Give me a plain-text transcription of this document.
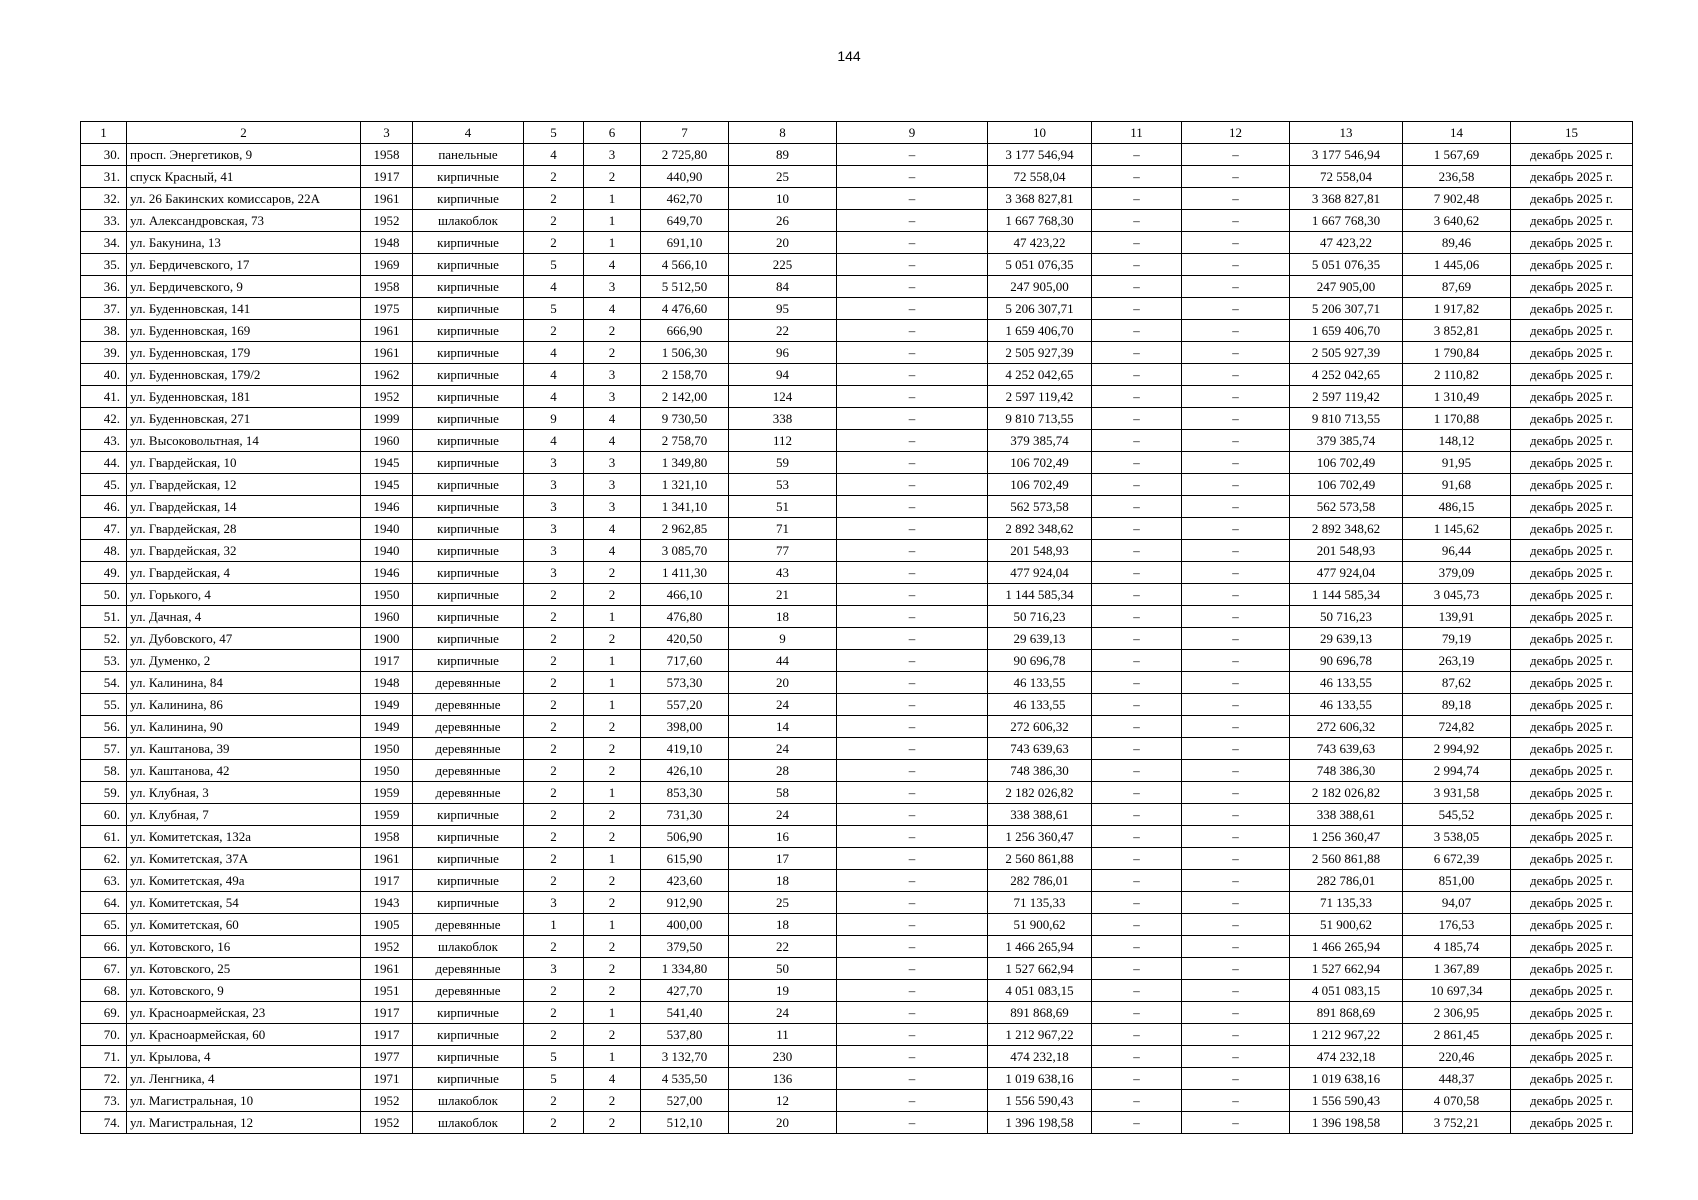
144
1	2	3	4	5	6	7	8	9	10	11	12	13	14	15
30.	просп. Энергетиков, 9	1958	панельные	4	3	2 725,80	89	–	3 177 546,94	–	–	3 177 546,94	1 567,69	декабрь 2025 г.
31.	спуск Красный, 41	1917	кирпичные	2	2	440,90	25	–	72 558,04	–	–	72 558,04	236,58	декабрь 2025 г.
32.	ул. 26 Бакинских комиссаров, 22А	1961	кирпичные	2	1	462,70	10	–	3 368 827,81	–	–	3 368 827,81	7 902,48	декабрь 2025 г.
33.	ул. Александровская, 73	1952	шлакоблок	2	1	649,70	26	–	1 667 768,30	–	–	1 667 768,30	3 640,62	декабрь 2025 г.
34.	ул. Бакунина, 13	1948	кирпичные	2	1	691,10	20	–	47 423,22	–	–	47 423,22	89,46	декабрь 2025 г.
35.	ул. Бердичевского, 17	1969	кирпичные	5	4	4 566,10	225	–	5 051 076,35	–	–	5 051 076,35	1 445,06	декабрь 2025 г.
36.	ул. Бердичевского, 9	1958	кирпичные	4	3	5 512,50	84	–	247 905,00	–	–	247 905,00	87,69	декабрь 2025 г.
37.	ул. Буденновская, 141	1975	кирпичные	5	4	4 476,60	95	–	5 206 307,71	–	–	5 206 307,71	1 917,82	декабрь 2025 г.
38.	ул. Буденновская, 169	1961	кирпичные	2	2	666,90	22	–	1 659 406,70	–	–	1 659 406,70	3 852,81	декабрь 2025 г.
39.	ул. Буденновская, 179	1961	кирпичные	4	2	1 506,30	96	–	2 505 927,39	–	–	2 505 927,39	1 790,84	декабрь 2025 г.
40.	ул. Буденновская, 179/2	1962	кирпичные	4	3	2 158,70	94	–	4 252 042,65	–	–	4 252 042,65	2 110,82	декабрь 2025 г.
41.	ул. Буденновская, 181	1952	кирпичные	4	3	2 142,00	124	–	2 597 119,42	–	–	2 597 119,42	1 310,49	декабрь 2025 г.
42.	ул. Буденновская, 271	1999	кирпичные	9	4	9 730,50	338	–	9 810 713,55	–	–	9 810 713,55	1 170,88	декабрь 2025 г.
43.	ул. Высоковольтная, 14	1960	кирпичные	4	4	2 758,70	112	–	379 385,74	–	–	379 385,74	148,12	декабрь 2025 г.
44.	ул. Гвардейская, 10	1945	кирпичные	3	3	1 349,80	59	–	106 702,49	–	–	106 702,49	91,95	декабрь 2025 г.
45.	ул. Гвардейская, 12	1945	кирпичные	3	3	1 321,10	53	–	106 702,49	–	–	106 702,49	91,68	декабрь 2025 г.
46.	ул. Гвардейская, 14	1946	кирпичные	3	3	1 341,10	51	–	562 573,58	–	–	562 573,58	486,15	декабрь 2025 г.
47.	ул. Гвардейская, 28	1940	кирпичные	3	4	2 962,85	71	–	2 892 348,62	–	–	2 892 348,62	1 145,62	декабрь 2025 г.
48.	ул. Гвардейская, 32	1940	кирпичные	3	4	3 085,70	77	–	201 548,93	–	–	201 548,93	96,44	декабрь 2025 г.
49.	ул. Гвардейская, 4	1946	кирпичные	3	2	1 411,30	43	–	477 924,04	–	–	477 924,04	379,09	декабрь 2025 г.
50.	ул. Горького, 4	1950	кирпичные	2	2	466,10	21	–	1 144 585,34	–	–	1 144 585,34	3 045,73	декабрь 2025 г.
51.	ул. Дачная, 4	1960	кирпичные	2	1	476,80	18	–	50 716,23	–	–	50 716,23	139,91	декабрь 2025 г.
52.	ул. Дубовского, 47	1900	кирпичные	2	2	420,50	9	–	29 639,13	–	–	29 639,13	79,19	декабрь 2025 г.
53.	ул. Думенко, 2	1917	кирпичные	2	1	717,60	44	–	90 696,78	–	–	90 696,78	263,19	декабрь 2025 г.
54.	ул. Калинина, 84	1948	деревянные	2	1	573,30	20	–	46 133,55	–	–	46 133,55	87,62	декабрь 2025 г.
55.	ул. Калинина, 86	1949	деревянные	2	1	557,20	24	–	46 133,55	–	–	46 133,55	89,18	декабрь 2025 г.
56.	ул. Калинина, 90	1949	деревянные	2	2	398,00	14	–	272 606,32	–	–	272 606,32	724,82	декабрь 2025 г.
57.	ул. Каштанова, 39	1950	деревянные	2	2	419,10	24	–	743 639,63	–	–	743 639,63	2 994,92	декабрь 2025 г.
58.	ул. Каштанова, 42	1950	деревянные	2	2	426,10	28	–	748 386,30	–	–	748 386,30	2 994,74	декабрь 2025 г.
59.	ул. Клубная, 3	1959	деревянные	2	1	853,30	58	–	2 182 026,82	–	–	2 182 026,82	3 931,58	декабрь 2025 г.
60.	ул. Клубная, 7	1959	кирпичные	2	2	731,30	24	–	338 388,61	–	–	338 388,61	545,52	декабрь 2025 г.
61.	ул. Комитетская, 132а	1958	кирпичные	2	2	506,90	16	–	1 256 360,47	–	–	1 256 360,47	3 538,05	декабрь 2025 г.
62.	ул. Комитетская, 37А	1961	кирпичные	2	1	615,90	17	–	2 560 861,88	–	–	2 560 861,88	6 672,39	декабрь 2025 г.
63.	ул. Комитетская, 49а	1917	кирпичные	2	2	423,60	18	–	282 786,01	–	–	282 786,01	851,00	декабрь 2025 г.
64.	ул. Комитетская, 54	1943	кирпичные	3	2	912,90	25	–	71 135,33	–	–	71 135,33	94,07	декабрь 2025 г.
65.	ул. Комитетская, 60	1905	деревянные	1	1	400,00	18	–	51 900,62	–	–	51 900,62	176,53	декабрь 2025 г.
66.	ул. Котовского, 16	1952	шлакоблок	2	2	379,50	22	–	1 466 265,94	–	–	1 466 265,94	4 185,74	декабрь 2025 г.
67.	ул. Котовского, 25	1961	деревянные	3	2	1 334,80	50	–	1 527 662,94	–	–	1 527 662,94	1 367,89	декабрь 2025 г.
68.	ул. Котовского, 9	1951	деревянные	2	2	427,70	19	–	4 051 083,15	–	–	4 051 083,15	10 697,34	декабрь 2025 г.
69.	ул. Красноармейская, 23	1917	кирпичные	2	1	541,40	24	–	891 868,69	–	–	891 868,69	2 306,95	декабрь 2025 г.
70.	ул. Красноармейская, 60	1917	кирпичные	2	2	537,80	11	–	1 212 967,22	–	–	1 212 967,22	2 861,45	декабрь 2025 г.
71.	ул. Крылова, 4	1977	кирпичные	5	1	3 132,70	230	–	474 232,18	–	–	474 232,18	220,46	декабрь 2025 г.
72.	ул. Ленгника, 4	1971	кирпичные	5	4	4 535,50	136	–	1 019 638,16	–	–	1 019 638,16	448,37	декабрь 2025 г.
73.	ул. Магистральная, 10	1952	шлакоблок	2	2	527,00	12	–	1 556 590,43	–	–	1 556 590,43	4 070,58	декабрь 2025 г.
74.	ул. Магистральная, 12	1952	шлакоблок	2	2	512,10	20	–	1 396 198,58	–	–	1 396 198,58	3 752,21	декабрь 2025 г.
